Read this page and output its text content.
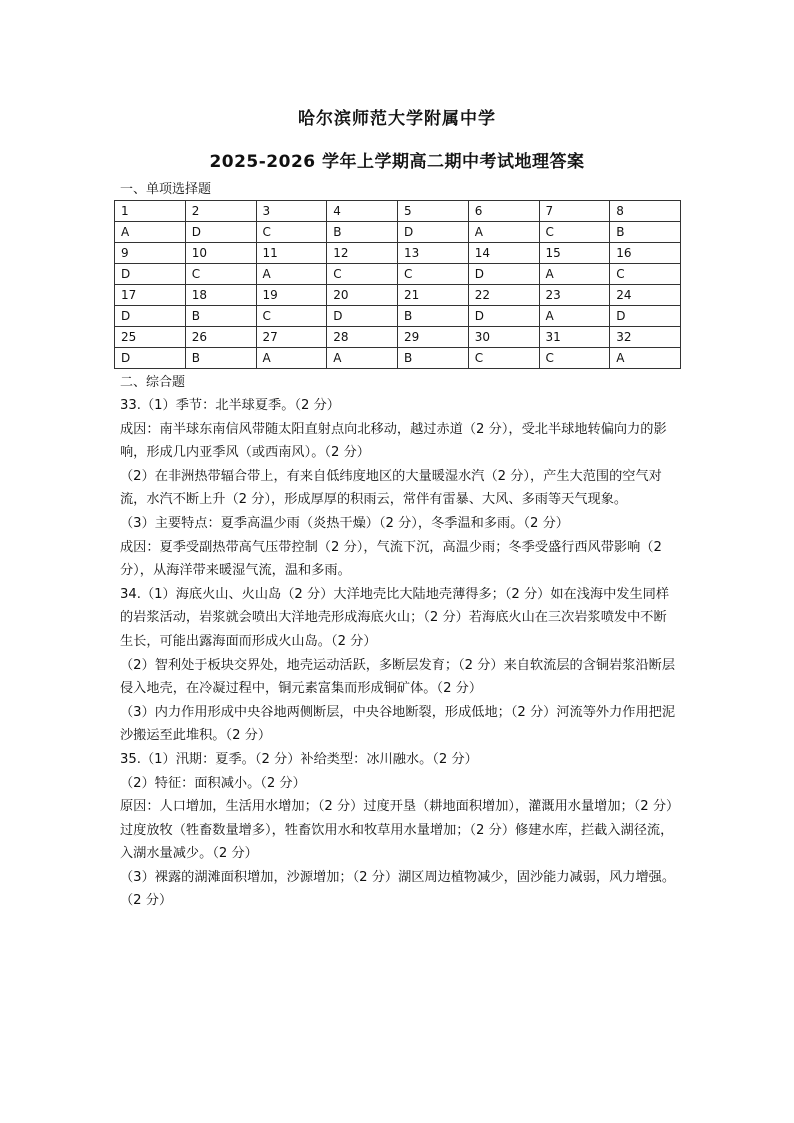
哈尔滨师范大学附属中学
2025-2026 学年上学期高二期中考试地理答案
一、单项选择题
1	2	3	4	5	6	7	8
A	D	C	B	D	A	C	B
9	10	11	12	13	14	15	16
D	C	A	C	C	D	A	C
17	18	19	20	21	22	23	24
D	B	C	D	B	D	A	D
25	26	27	28	29	30	31	32
D	B	A	A	B	C	C	A
二、综合题

33.（1）季节：北半球夏季。（2 分）

成因：南半球东南信风带随太阳直射点向北移动，越过赤道（2 分），受北半球地转偏向力的影响，形成几内亚季风（或西南风）。（2 分）

（2）在非洲热带辐合带上，有来自低纬度地区的大量暖湿水汽（2 分），产生大范围的空气对流，水汽不断上升（2 分），形成厚厚的积雨云，常伴有雷暴、大风、多雨等天气现象。

（3）主要特点：夏季高温少雨（炎热干燥）（2 分），冬季温和多雨。（2 分）

成因：夏季受副热带高气压带控制（2 分），气流下沉，高温少雨；冬季受盛行西风带影响（2 分），从海洋带来暖湿气流，温和多雨。

34.（1）海底火山、火山岛（2 分）大洋地壳比大陆地壳薄得多；（2 分）如在浅海中发生同样的岩浆活动，岩浆就会喷出大洋地壳形成海底火山；（2 分）若海底火山在三次岩浆喷发中不断生长，可能出露海面而形成火山岛。（2 分）

（2）智利处于板块交界处，地壳运动活跃，多断层发育；（2 分）来自软流层的含铜岩浆沿断层侵入地壳，在冷凝过程中，铜元素富集而形成铜矿体。（2 分）

（3）内力作用形成中央谷地两侧断层，中央谷地断裂，形成低地；（2 分）河流等外力作用把泥沙搬运至此堆积。（2 分）

35.（1）汛期：夏季。（2 分）补给类型：冰川融水。（2 分）

（2）特征：面积减小。（2 分）

原因：人口增加，生活用水增加；（2 分）过度开垦（耕地面积增加），灌溉用水量增加；（2 分）过度放牧（牲畜数量增多），牲畜饮用水和牧草用水量增加；（2 分）修建水库，拦截入湖径流，入湖水量减少。（2 分）

（3）裸露的湖滩面积增加，沙源增加；（2 分）湖区周边植物减少，固沙能力减弱，风力增强。（2 分）
